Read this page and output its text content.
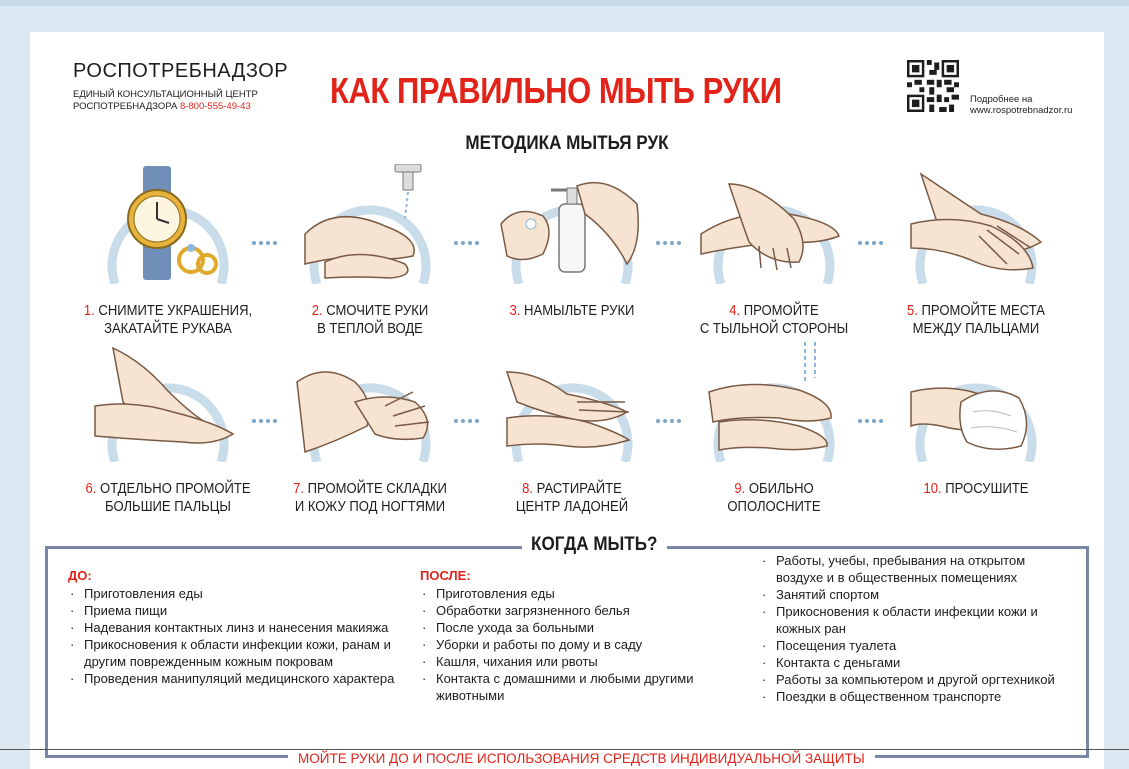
РОСПОТРЕБНАДЗОР
ЕДИНЫЙ КОНСУЛЬТАЦИОННЫЙ ЦЕНТР
РОСПОТРЕБНАДЗОРА 8-800-555-49-43	КАК ПРАВИЛЬНО МЫТЬ РУКИ	Подробнее на
www.rospotrebnadzor.ru
МЕТОДИКА МЫТЬЯ РУК
1. СНИМИТЕ УКРАШЕНИЯ,
ЗАКАТАЙТЕ РУКАВА
2. СМОЧИТЕ РУКИ
В ТЕПЛОЙ ВОДЕ
3. НАМЫЛЬТЕ РУКИ	4. ПРОМОЙТЕ
С ТЫЛЬНОЙ СТОРОНЫ
5. ПРОМОЙТЕ МЕСТА
МЕЖДУ ПАЛЬЦАМИ
6. ОТДЕЛЬНО ПРОМОЙТЕ
БОЛЬШИЕ ПАЛЬЦЫ
7. ПРОМОЙТЕ СКЛАДКИ
И КОЖУ ПОД НОГТЯМИ
8. РАСТИРАЙТЕ
ЦЕНТР ЛАДОНЕЙ
9. ОБИЛЬНО ОПОЛОСНИТЕ
10. ПРОСУШИТЕ
КОГДА МЫТЬ?
ДО:
· Приготовления еды
· Приема пищи
· Надевания контактных линз и нанесения макияжа
· Прикосновения к области инфекции кожи, ранам и другим поврежденным кожным покровам
· Проведения манипуляций медицинского характера
ПОСЛЕ:
· Приготовления еды
· Обработки загрязненного белья
· После ухода за больными
· Уборки и работы по дому и в саду
· Кашля, чихания или рвоты
· Контакта с домашними и любыми другими животными
· Работы, учебы, пребывания на открытом воздухе и в общественных помещениях
· Занятий спортом
· Прикосновения к области инфекции кожи и кожных ран
· Посещения туалета
· Контакта с деньгами
· Работы за компьютером и другой оргтехникой
· Поездки в общественном транспорте
МОЙТЕ РУКИ ДО И ПОСЛЕ ИСПОЛЬЗОВАНИЯ СРЕДСТВ ИНДИВИДУАЛЬНОЙ ЗАЩИТЫ
